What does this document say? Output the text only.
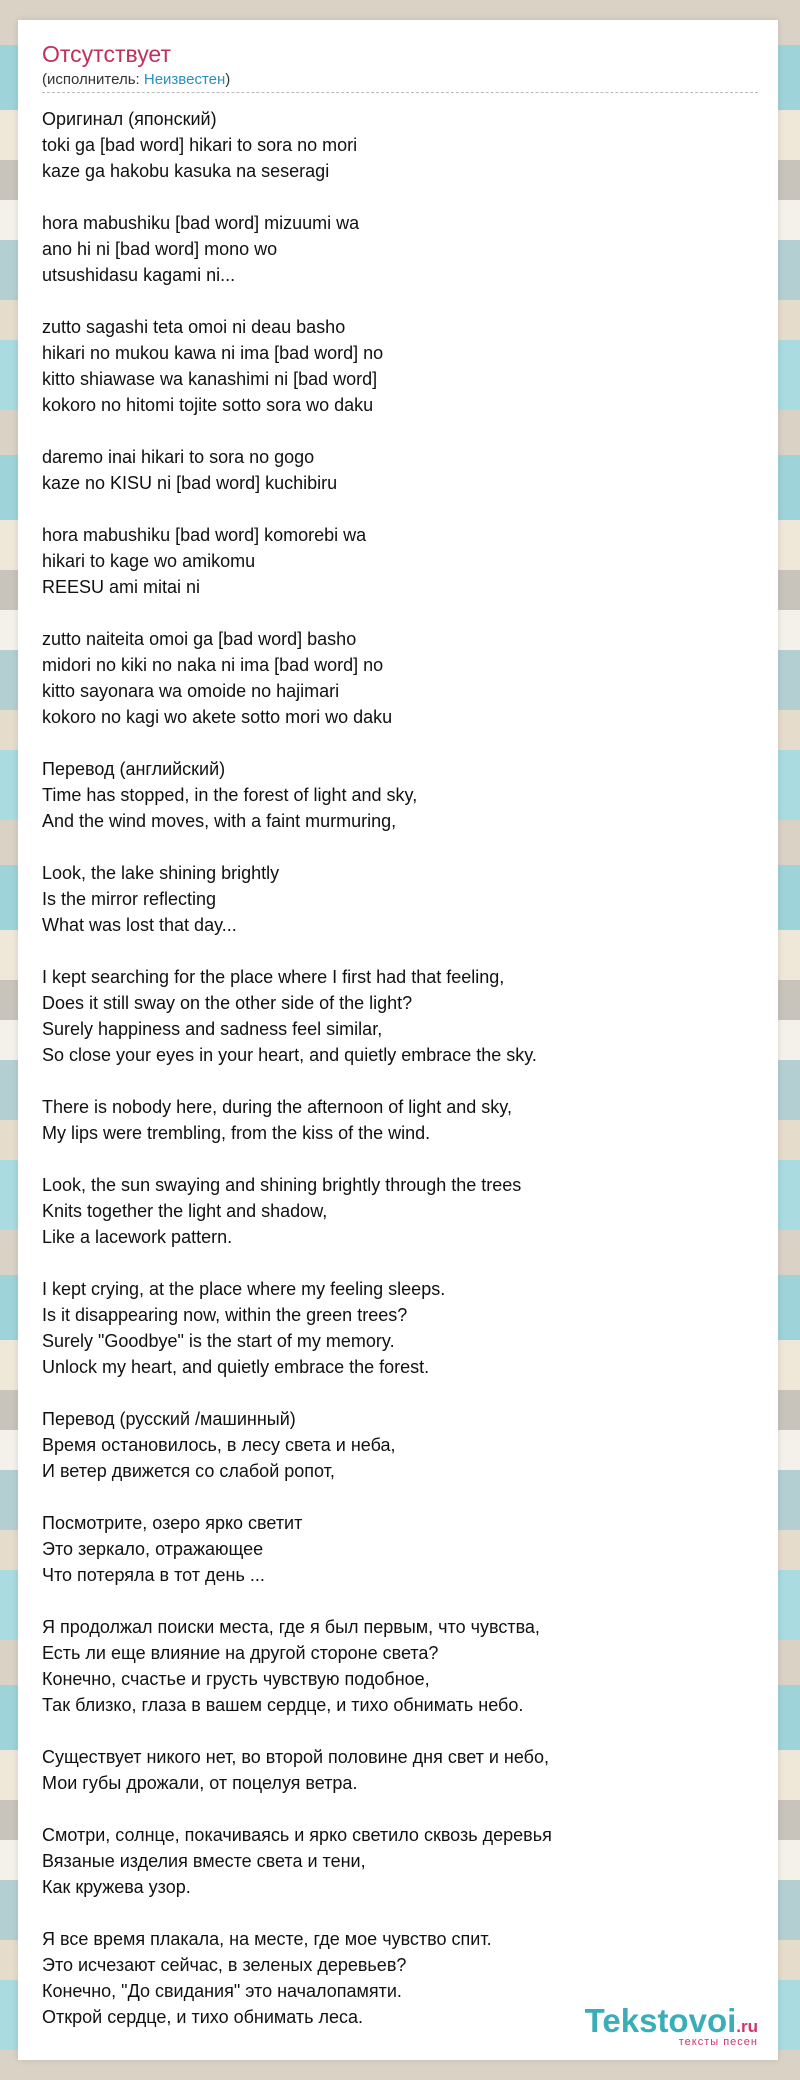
Отсутствует
(исполнитель: Неизвестен)
Оригинал (японский)
toki ga [bad word] hikari to sora no mori
kaze ga hakobu kasuka na seseragi
hora mabushiku [bad word] mizuumi wa
ano hi ni [bad word] mono wo
utsushidasu kagami ni...
zutto sagashi teta omoi ni deau basho
hikari no mukou kawa ni ima [bad word] no
kitto shiawase wa kanashimi ni [bad word]
kokoro no hitomi tojite sotto sora wo daku
daremo inai hikari to sora no gogo
kaze no KISU ni [bad word] kuchibiru
hora mabushiku [bad word] komorebi wa
hikari to kage wo amikomu
REESU ami mitai ni
zutto naiteita omoi ga [bad word] basho
midori no kiki no naka ni ima [bad word] no
kitto sayonara wa omoide no hajimari
kokoro no kagi wo akete sotto mori wo daku
Перевод (английский)
Time has stopped, in the forest of light and sky,
And the wind moves, with a faint murmuring,
Look, the lake shining brightly
Is the mirror reflecting
What was lost that day...
I kept searching for the place where I first had that feeling,
Does it still sway on the other side of the light?
Surely happiness and sadness feel similar,
So close your eyes in your heart, and quietly embrace the sky.
There is nobody here, during the afternoon of light and sky,
My lips were trembling, from the kiss of the wind.
Look, the sun swaying and shining brightly through the trees
Knits together the light and shadow,
Like a lacework pattern.
I kept crying, at the place where my feeling sleeps.
Is it disappearing now, within the green trees?
Surely "Goodbye" is the start of my memory.
Unlock my heart, and quietly embrace the forest.
Перевод (русский /машинный)
Время остановилось, в лесу света и неба,
И ветер движется со слабой ропот,
Посмотрите, озеро ярко светит
Это зеркало, отражающее
Что потеряла в тот день ...
Я продолжал поиски места, где я был первым, что чувства,
Есть ли еще влияние на другой стороне света?
Конечно, счастье и грусть чувствую подобное,
Так близко, глаза в вашем сердце, и тихо обнимать небо.
Существует никого нет, во второй половине дня свет и небо,
Мои губы дрожали, от поцелуя ветра.
Смотри, солнце, покачиваясь и ярко светило сквозь деревья
Вязаные изделия вместе света и тени,
Как кружева узор.
Я все время плакала, на месте, где мое чувство спит.
Это исчезают сейчас, в зеленых деревьев?
Конечно, "До свидания" это началопамяти.
Открой сердце, и тихо обнимать леса.	Tekstovoi.ru
тексты песен
